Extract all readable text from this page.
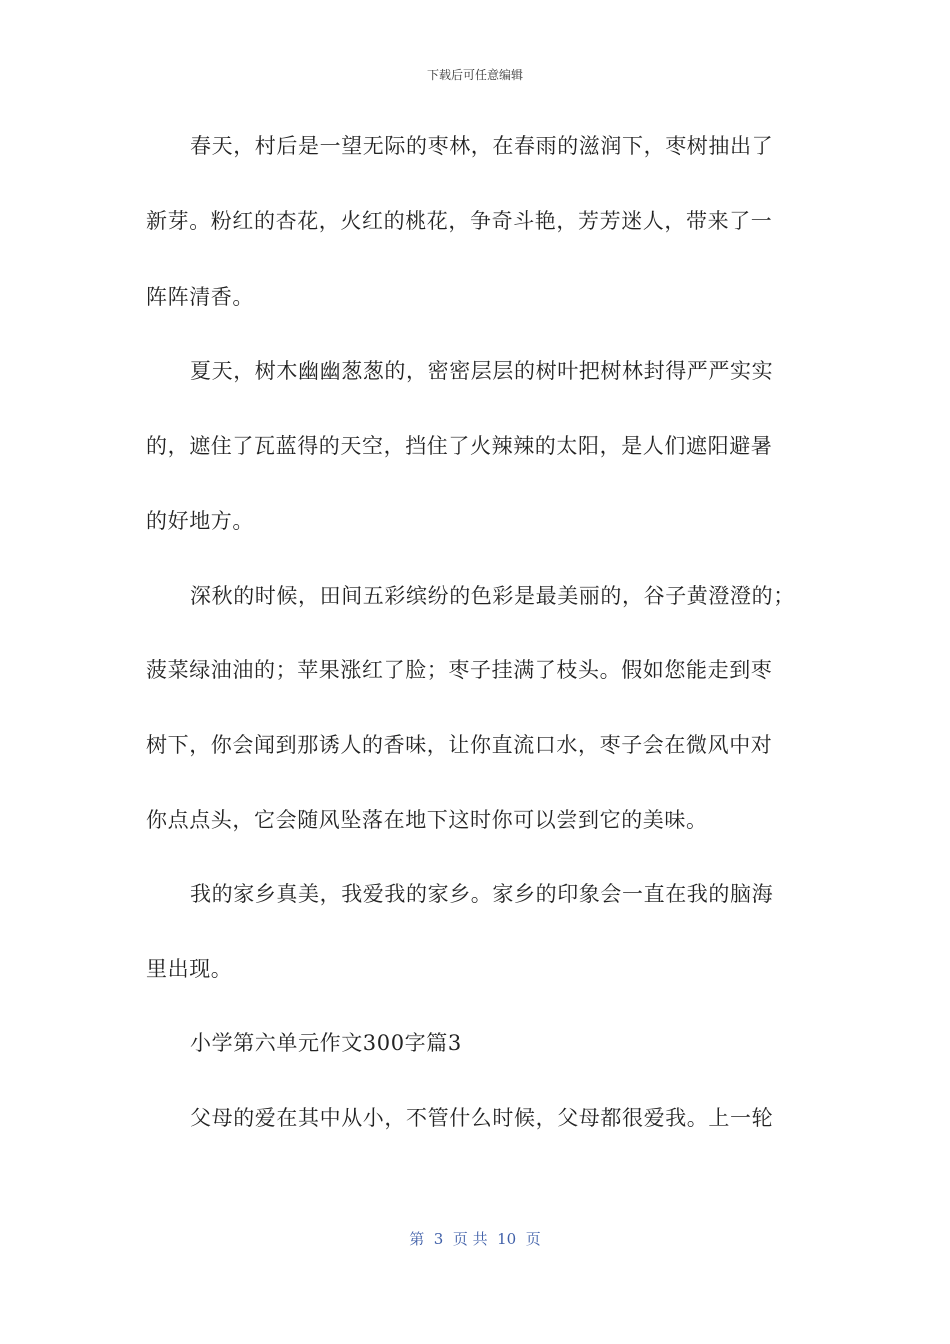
下载后可任意编辑
春天，村后是一望无际的枣林，在春雨的滋润下，枣树抽出了
新芽。粉红的杏花，火红的桃花，争奇斗艳，芳芳迷人，带来了一
阵阵清香。
夏天，树木幽幽葱葱的，密密层层的树叶把树林封得严严实实
的，遮住了瓦蓝得的天空，挡住了火辣辣的太阳，是人们遮阳避暑
的好地方。
深秋的时候，田间五彩缤纷的色彩是最美丽的，谷子黄澄澄的；
菠菜绿油油的；苹果涨红了脸；枣子挂满了枝头。假如您能走到枣
树下，你会闻到那诱人的香味，让你直流口水，枣子会在微风中对
你点点头，它会随风坠落在地下这时你可以尝到它的美味。
我的家乡真美，我爱我的家乡。家乡的印象会一直在我的脑海
里出现。
小学第六单元作文300字篇3
父母的爱在其中从小，不管什么时候，父母都很爱我。上一轮
第  3  页 共  10  页
